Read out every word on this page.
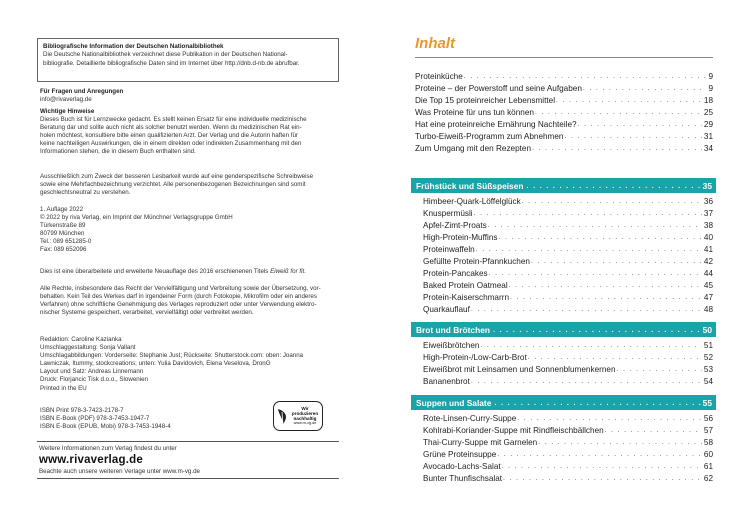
Bibliografische Information der Deutschen Nationalbibliothek
Die Deutsche Nationalbibliothek verzeichnet diese Publikation in der Deutschen National-
bibliografie. Detaillierte bibliografische Daten sind im Internet über http://dnb.d-nb.de abrufbar.
Für Fragen und Anregungen
info@rivaverlag.de
Wichtige Hinweise
Dieses Buch ist für Lernzwecke gedacht. Es stellt keinen Ersatz für eine individuelle medizinische
Beratung dar und sollte auch nicht als solcher benutzt werden. Wenn du medizinischen Rat ein-
holen möchtest, konsultiere bitte einen qualifizierten Arzt. Der Verlag und die Autorin haften für
keine nachteiligen Auswirkungen, die in einem direkten oder indirekten Zusammenhang mit den
Informationen stehen, die in diesem Buch enthalten sind.
Ausschließlich zum Zweck der besseren Lesbarkeit wurde auf eine genderspezifische Schreibweise
sowie eine Mehrfachbezeichnung verzichtet. Alle personenbezogenen Bezeichnungen sind somit
geschlechtsneutral zu verstehen.
1. Auflage 2022
© 2022 by riva Verlag, ein Imprint der Münchner Verlagsgruppe GmbH
Türkenstraße 89
80799 München
Tel.: 089 651285-0
Fax: 089 652096
Dies ist eine überarbeitete und erweiterte Neuauflage des 2016 erschienenen Titels Eiweiß for fit.
Alle Rechte, insbesondere das Recht der Vervielfältigung und Verbreitung sowie der Übersetzung, vor-
behalten. Kein Teil des Werkes darf in irgendeiner Form (durch Fotokopie, Mikrofilm oder ein anderes
Verfahren) ohne schriftliche Genehmigung des Verlages reproduziert oder unter Verwendung elektro-
nischer Systeme gespeichert, verarbeitet, vervielfältigt oder verbreitet werden.
Redaktion: Caroline Kazianka
Umschlaggestaltung: Sonja Vallant
Umschlagabbildungen: Vorderseite: Stephanie Just; Rückseite: Shutterstock.com: oben: Joanna
Lawniczak, Itummy, stockcreations; unten: Yulia Davidovich, Elena Veselova, DronG
Layout und Satz: Andreas Linnemann
Druck: Florjancic Tisk d.o.o., Slowenien
Printed in the EU
ISBN Print 978-3-7423-2178-7
ISBN E-Book (PDF) 978-3-7453-1947-7
ISBN E-Book (EPUB, Mobi) 978-3-7453-1948-4
Wir produzieren
nachhaltig
www.m-vg.de
Weitere Informationen zum Verlag findest du unter
www.rivaverlag.de
Beachte auch unsere weiteren Verlage unter www.m-vg.de
Inhalt
Proteinküche . . .	9
Proteine – der Powerstoff und seine Aufgaben . . .	9
Die Top 15 proteinreicher Lebensmittel . . .	18
Was Proteine für uns tun können . . .	25
Hat eine proteinreiche Ernährung Nachteile? . . .	29
Turbo-Eiweiß-Programm zum Abnehmen . . .	31
Zum Umgang mit den Rezepten . . .	34
Frühstück und Süßspeisen . . .	35
Himbeer-Quark-Löffelglück . . .	36
Knuspermüsli . . .	37
Apfel-Zimt-Proats . . .	38
High-Protein-Muffins . . .	40
Proteinwaffeln . . .	41
Gefüllte Protein-Pfannkuchen . . .	42
Protein-Pancakes . . .	44
Baked Protein Oatmeal . . .	45
Protein-Kaiserschmarrn . . .	47
Quarkauflauf . . .	48
Brot und Brötchen . . .	50
Eiweißbrötchen . . .	51
High-Protein-/Low-Carb-Brot . . .	52
Eiweißbrot mit Leinsamen und Sonnenblumenkernen . . .	53
Bananenbrot . . .	54
Suppen und Salate . . .	55
Rote-Linsen-Curry-Suppe . . .	56
Kohlrabi-Koriander-Suppe mit Rindfleischbällchen . . .	57
Thai-Curry-Suppe mit Garnelen . . .	58
Grüne Proteinsuppe . . .	60
Avocado-Lachs-Salat . . .	61
Bunter Thunfischsalat . . .	62
